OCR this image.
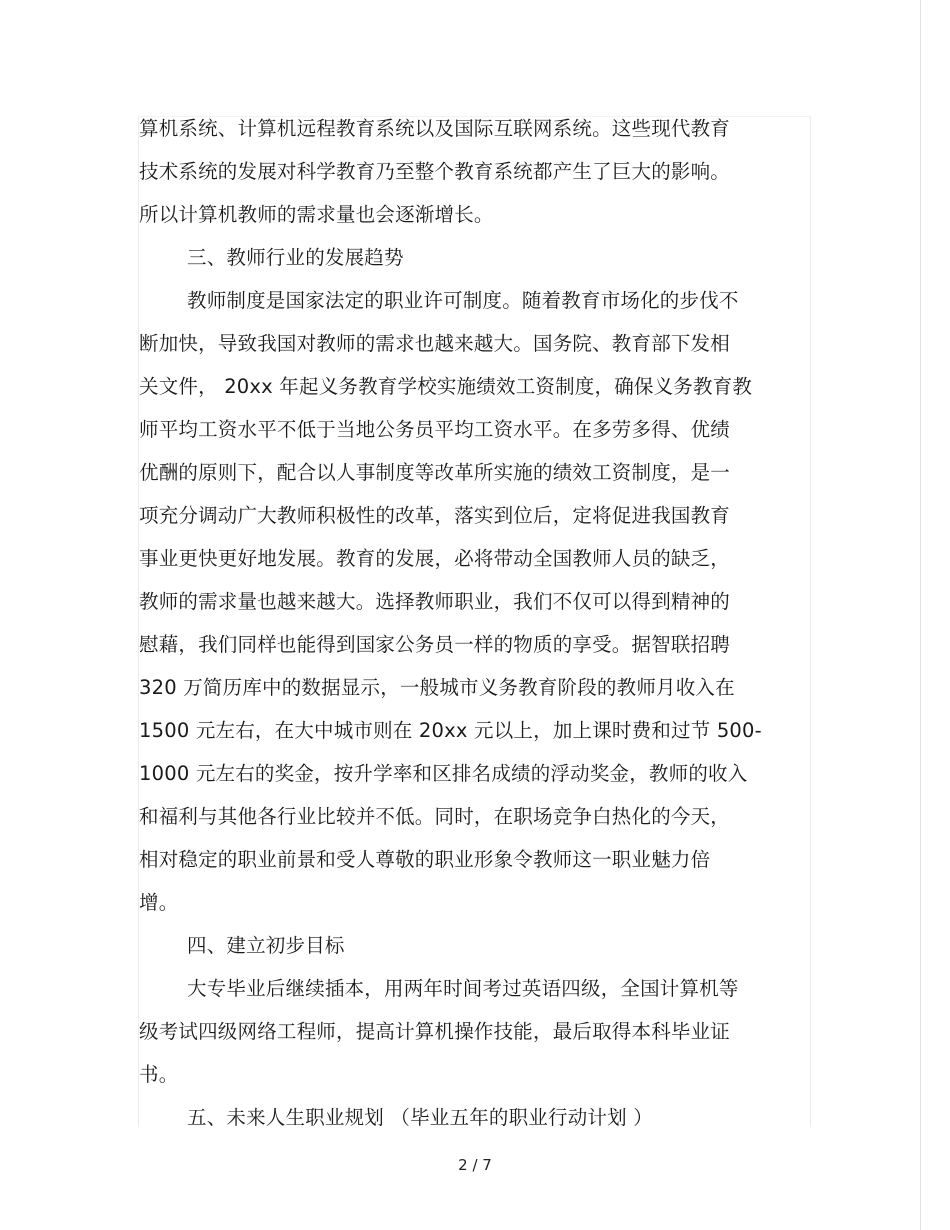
算机系统、计算机远程教育系统以及国际互联网系统。这些现代教育
技术系统的发展对科学教育乃至整个教育系统都产生了巨大的影响。
所以计算机教师的需求量也会逐渐增长。
三、教师行业的发展趋势
教师制度是国家法定的职业许可制度。随着教育市场化的步伐不
断加快，导致我国对教师的需求也越来越大。国务院、教育部下发相
关文件， 20xx 年起义务教育学校实施绩效工资制度，确保义务教育教
师平均工资水平不低于当地公务员平均工资水平。在多劳多得、优绩
优酬的原则下，配合以人事制度等改革所实施的绩效工资制度，是一
项充分调动广大教师积极性的改革，落实到位后，定将促进我国教育
事业更快更好地发展。教育的发展，必将带动全国教师人员的缺乏，
教师的需求量也越来越大。选择教师职业，我们不仅可以得到精神的
慰藉，我们同样也能得到国家公务员一样的物质的享受。据智联招聘
320 万简历库中的数据显示，一般城市义务教育阶段的教师月收入在
1500 元左右，在大中城市则在 20xx 元以上，加上课时费和过节 500-
1000 元左右的奖金，按升学率和区排名成绩的浮动奖金，教师的收入
和福利与其他各行业比较并不低。同时，在职场竞争白热化的今天，
相对稳定的职业前景和受人尊敬的职业形象令教师这一职业魅力倍
增。
四、建立初步目标
大专毕业后继续插本，用两年时间考过英语四级，全国计算机等
级考试四级网络工程师，提高计算机操作技能，最后取得本科毕业证
书。
五、未来人生职业规划 （毕业五年的职业行动计划 ）
2 / 7
